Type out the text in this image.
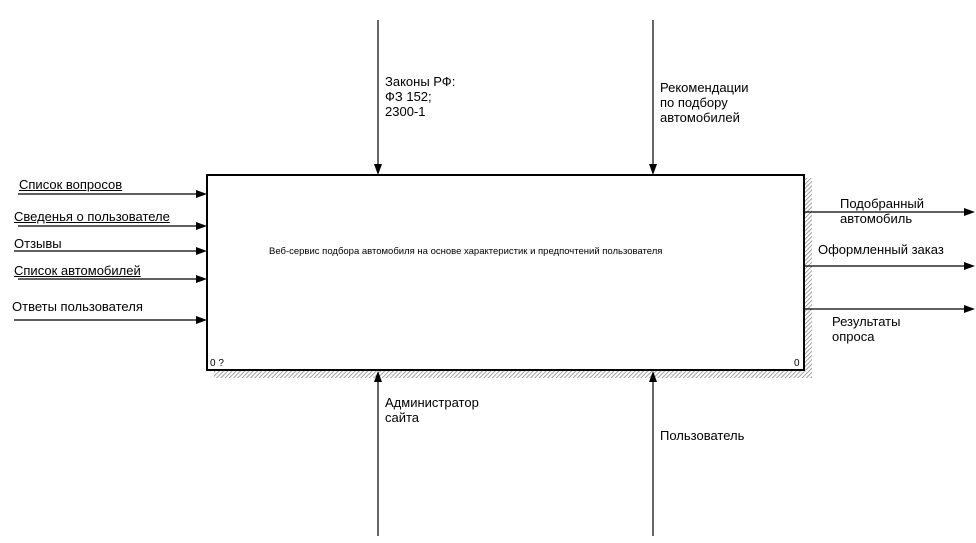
Веб-сервис подбора автомобиля на основе характеристик и предпочтений пользователя
0 ?	0
Законы РФ:
ФЗ 152;
2300-1
Рекомендации
по подбору
автомобилей
Список вопросов
Сведенья о пользователе
Отзывы
Список автомобилей
Ответы пользователя
Подобранный
автомобиль
Оформленный заказ
Результаты
опроса
Администратор
сайта
Пользователь
